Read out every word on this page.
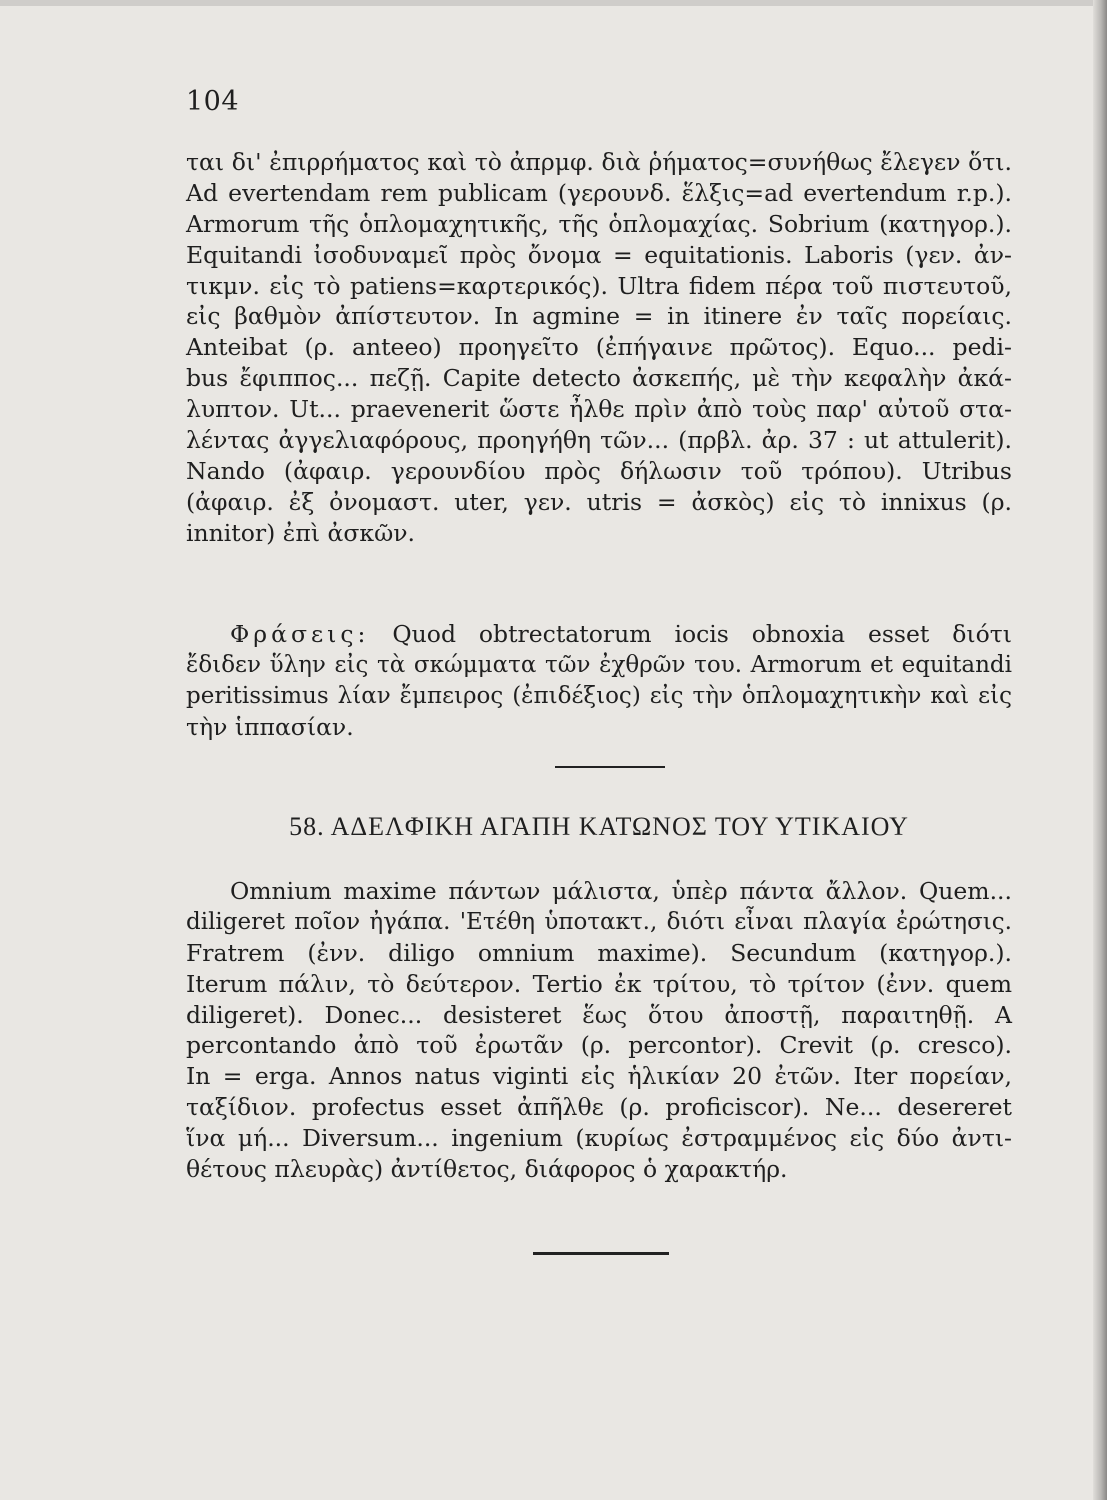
104
ται δι' ἐπιρρήματος καὶ τὸ ἀπρμφ. διὰ ῥήματος=συνήθως ἔλεγεν ὅτι.
Ad evertendam rem publicam (γερουνδ. ἕλξις=ad evertendum r.p.).
Armorum τῆς ὁπλομαχητικῆς, τῆς ὁπλομαχίας. Sobrium (κατηγορ.).
Equitandi ἰσοδυναμεῖ πρὸς ὄνομα = equitationis. Laboris (γεν. ἀν-
τικμν. εἰς τὸ patiens=καρτερικός). Ultra fidem πέρα τοῦ πιστευτοῦ,
εἰς βαθμὸν ἀπίστευτον. In agmine = in itinere ἐν ταῖς πορείαις.
Anteibat (ρ. anteeo) προηγεῖτο (ἐπήγαινε πρῶτος). Equo... pedi-
bus ἔφιππος... πεζῇ. Capite detecto ἀσκεπής, μὲ τὴν κεφαλὴν ἀκά-
λυπτον. Ut... praevenerit ὥστε ἦλθε πρὶν ἀπὸ τοὺς παρ' αὐτοῦ στα-
λέντας ἀγγελιαφόρους, προηγήθη τῶν... (πρβλ. ἀρ. 37 : ut attulerit).
Nando (ἀφαιρ. γερουνδίου πρὸς δήλωσιν τοῦ τρόπου). Utribus
(ἀφαιρ. ἐξ ὀνομαστ. uter, γεν. utris = ἀσκὸς) εἰς τὸ innixus (ρ.
innitor) ἐπὶ ἀσκῶν.
Φράσεις: Quod obtrectatorum iocis obnoxia esset διότι
ἔδιδεν ὕλην εἰς τὰ σκώμματα τῶν ἐχθρῶν του. Armorum et equitandi
peritissimus λίαν ἔμπειρος (ἐπιδέξιος) εἰς τὴν ὁπλομαχητικὴν καὶ εἰς
τὴν ἱππασίαν.
58. ΑΔΕΛΦΙΚΗ ΑΓΑΠΗ ΚΑΤΩΝΟΣ ΤΟΥ ΥΤΙΚΑΙΟΥ
Omnium maxime πάντων μάλιστα, ὑπὲρ πάντα ἄλλον. Quem...
diligeret ποῖον ἠγάπα. 'Ετέθη ὑποτακτ., διότι εἶναι πλαγία ἐρώτησις.
Fratrem (ἐνν. diligo omnium maxime). Secundum (κατηγορ.).
Iterum πάλιν, τὸ δεύτερον. Tertio ἐκ τρίτου, τὸ τρίτον (ἐνν. quem
diligeret). Donec... desisteret ἕως ὅτου ἀποστῇ, παραιτηθῇ. A
percontando ἀπὸ τοῦ ἐρωτᾶν (ρ. percontor). Crevit (ρ. cresco).
In = erga. Annos natus viginti εἰς ἡλικίαν 20 ἐτῶν. Iter πορείαν,
ταξίδιον. profectus esset ἀπῆλθε (ρ. proficiscor). Ne... desereret
ἵνα μή... Diversum... ingenium (κυρίως ἐστραμμένος εἰς δύο ἀντι-
θέτους πλευρὰς) ἀντίθετος, διάφορος ὁ χαρακτήρ.
